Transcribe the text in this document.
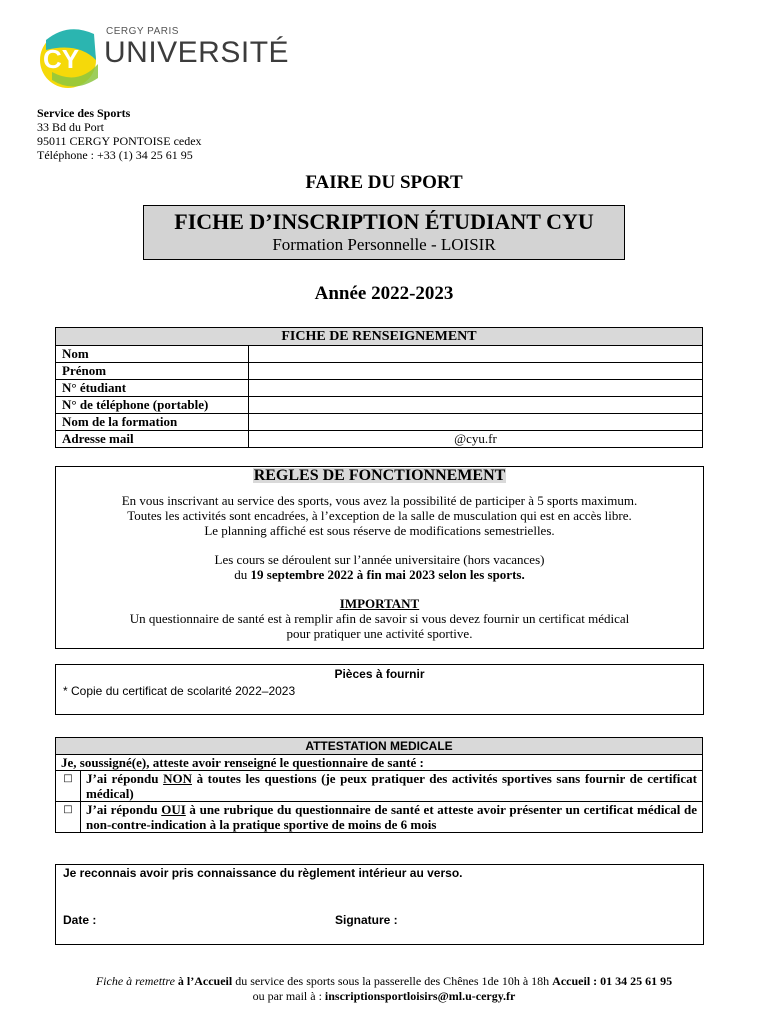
CY
CERGY PARIS
UNIVERSITÉ
Service des Sports
33 Bd du Port
95011 CERGY PONTOISE cedex
Téléphone : +33 (1) 34 25 61 95
FAIRE DU SPORT
FICHE D’INSCRIPTION ÉTUDIANT CYU
Formation Personnelle - LOISIR
Année 2022-2023
FICHE DE RENSEIGNEMENT	
Nom	
Prénom	
N° étudiant	
N° de téléphone (portable)	
Nom de la formation	
Adresse mail	@cyu.fr
REGLES DE FONCTIONNEMENT

En vous inscrivant au service des sports, vous avez la possibilité de participer à 5 sports maximum.

Toutes les activités sont encadrées, à l’exception de la salle de musculation qui est en accès libre.

Le planning affiché est sous réserve de modifications semestrielles.

Les cours se déroulent sur l’année universitaire (hors vacances)

du 19 septembre 2022 à fin mai 2023 selon les sports.

IMPORTANT

Un questionnaire de santé est à remplir afin de savoir si vous devez fournir un certificat médical

pour pratiquer une activité sportive.

Pièces à fournir
* Copie du certificat de scolarité 2022–2023
ATTESTATION MEDICALE	
Je, soussigné(e), atteste avoir renseigné le questionnaire de santé :	
□	J’ai répondu NON à toutes les questions (je peux pratiquer des activités sportives sans fournir de certificat médical)
□	J’ai répondu OUI à une rubrique du questionnaire de santé et atteste avoir présenter un certificat médical de non-contre-indication à la pratique sportive de moins de 6 mois
Je reconnais avoir pris connaissance du règlement intérieur au verso.
Date :	Signature :
Fiche à remettre à l’Accueil du service des sports sous la passerelle des Chênes 1de 10h à 18h Accueil : 01 34 25 61 95
ou par mail à : inscriptionsportloisirs@ml.u-cergy.fr
